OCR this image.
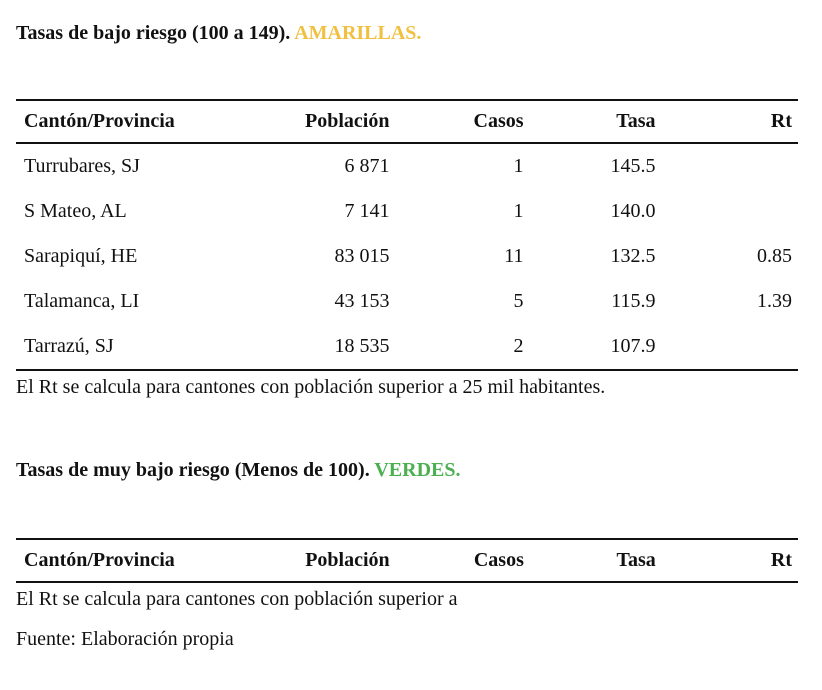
Tasas de bajo riesgo (100 a 149). AMARILLAS.
Cantón/Provincia	Población	Casos	Tasa	Rt
Turrubares, SJ	6 871	1	145.5	
S Mateo, AL	7 141	1	140.0	
Sarapiquí, HE	83 015	11	132.5	0.85
Talamanca, LI	43 153	5	115.9	1.39
Tarrazú, SJ	18 535	2	107.9	
El Rt se calcula para cantones con población superior a 25 mil habitantes.
Tasas de muy bajo riesgo (Menos de 100). VERDES.
Cantón/Provincia	Población	Casos	Tasa	Rt
El Rt se calcula para cantones con población superior a
Fuente: Elaboración propia
